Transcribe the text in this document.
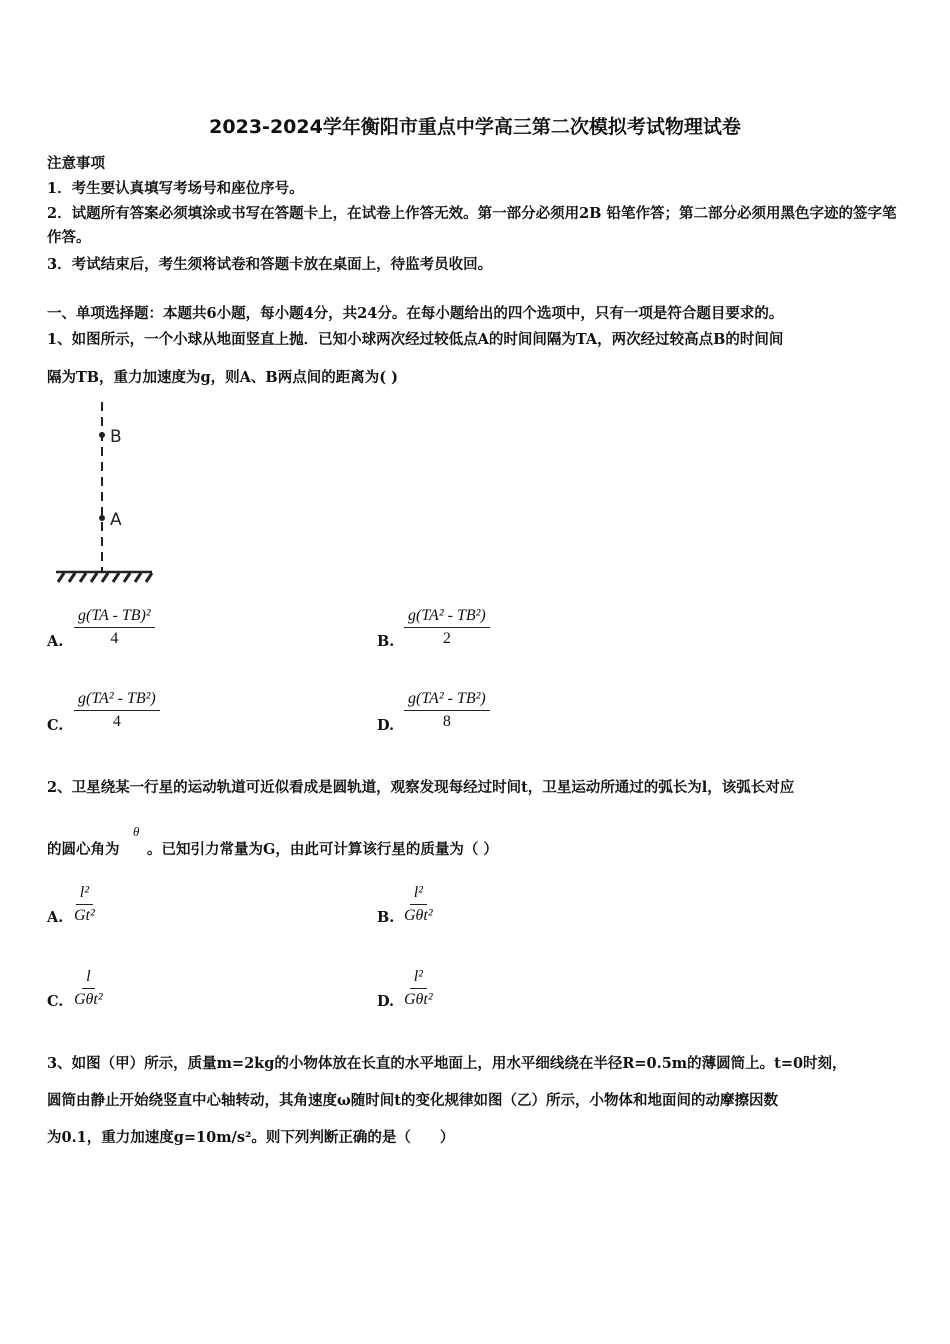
2023-2024学年衡阳市重点中学高三第二次模拟考试物理试卷
注意事项
1．考生要认真填写考场号和座位序号。
2．试题所有答案必须填涂或书写在答题卡上，在试卷上作答无效。第一部分必须用2B 铅笔作答；第二部分必须用黑色字迹的签字笔作答。
3．考试结束后，考生须将试卷和答题卡放在桌面上，待监考员收回。
一、单项选择题：本题共6小题，每小题4分，共24分。在每小题给出的四个选项中，只有一项是符合题目要求的。
1、如图所示，一个小球从地面竖直上抛．已知小球两次经过较低点A的时间间隔为TA，两次经过较高点B的时间间
隔为TB，重力加速度为g，则A、B两点间的距离为( )
B
A
A. $\frac{\text{g(TA - TB)²}}{4}$	B. $\frac{\text{g(TA² - TB²)}}{2}$
C. $\frac{\text{g(TA² - TB²)}}{4}$	D. $\frac{\text{g(TA² - TB²)}}{8}$
2、卫星绕某一行星的运动轨道可近似看成是圆轨道，观察发现每经过时间t，卫星运动所通过的弧长为l，该弧长对应
的圆心角为
θ
。已知引力常量为G，由此可计算该行星的质量为（ ）
A. $\frac{\text{l²}}{\text{Gt²}}$	B.
l²
Gθt²
C.
l
Gθt²	D.
l²
Gθt²
3、如图（甲）所示，质量m=2kg的小物体放在长直的水平地面上，用水平细线绕在半径R=0.5m的薄圆筒上。t=0时刻，
圆筒由静止开始绕竖直中心轴转动，其角速度ω随时间t的变化规律如图（乙）所示，小物体和地面间的动摩擦因数
为0.1，重力加速度g=10m/s²。则下列判断正确的是（　　）
